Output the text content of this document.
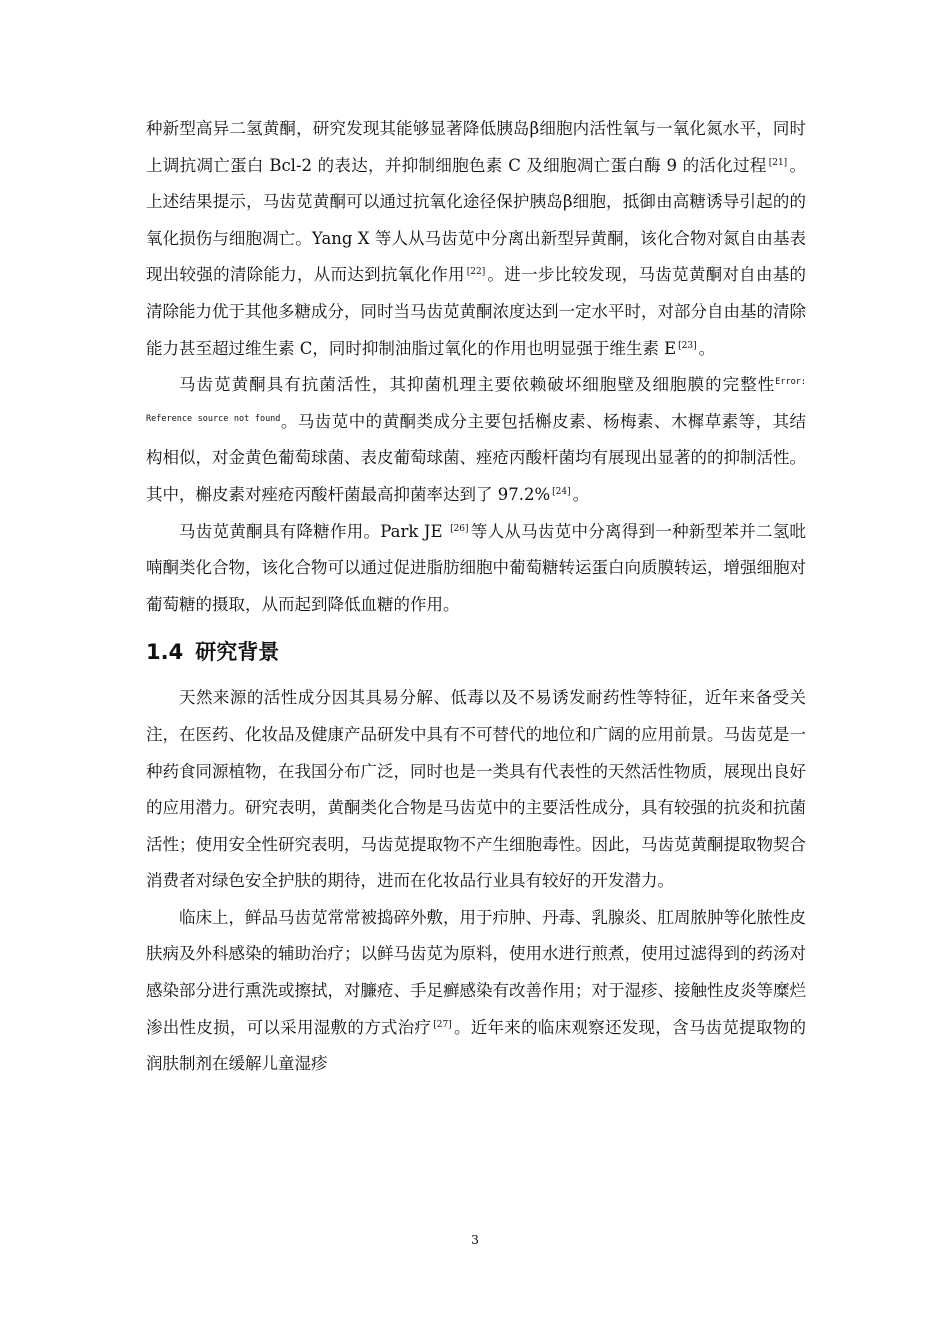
种新型高异二氢黄酮，研究发现其能够显著降低胰岛β细胞内活性氧与一氧化氮水平，同时上调抗凋亡蛋白 Bcl-2 的表达，并抑制细胞色素 C 及细胞凋亡蛋白酶 9 的活化过程 [21] 。上述结果提示，马齿苋黄酮可以通过抗氧化途径保护胰岛β细胞，抵御由高糖诱导引起的的氧化损伤与细胞凋亡。Yang X 等人从马齿苋中分离出新型异黄酮，该化合物对氮自由基表现出较强的清除能力，从而达到抗氧化作用 [22] 。进一步比较发现，马齿苋黄酮对自由基的清除能力优于其他多糖成分，同时当马齿苋黄酮浓度达到一定水平时，对部分自由基的清除能力甚至超过维生素 C，同时抑制油脂过氧化的作用也明显强于维生素 E [23] 。

马齿苋黄酮具有抗菌活性，其抑菌机理主要依赖破坏细胞壁及细胞膜的完整性$^{Error: Reference source not found}$。马齿苋中的黄酮类成分主要包括槲皮素、杨梅素、木樨草素等，其结构相似，对金黄色葡萄球菌、表皮葡萄球菌、痤疮丙酸杆菌均有展现出显著的的抑制活性。其中，槲皮素对痤疮丙酸杆菌最高抑菌率达到了 97.2% [24] 。

马齿苋黄酮具有降糖作用。Park JE [26] 等人从马齿苋中分离得到一种新型苯并二氢吡喃酮类化合物，该化合物可以通过促进脂肪细胞中葡萄糖转运蛋白向质膜转运，增强细胞对葡萄糖的摄取，从而起到降低血糖的作用。

1.4 研究背景

天然来源的活性成分因其具易分解、低毒以及不易诱发耐药性等特征，近年来备受关注，在医药、化妆品及健康产品研发中具有不可替代的地位和广阔的应用前景。马齿苋是一种药食同源植物，在我国分布广泛，同时也是一类具有代表性的天然活性物质，展现出良好的应用潜力。研究表明，黄酮类化合物是马齿苋中的主要活性成分，具有较强的抗炎和抗菌活性；使用安全性研究表明，马齿苋提取物不产生细胞毒性。因此，马齿苋黄酮提取物契合消费者对绿色安全护肤的期待，进而在化妆品行业具有较好的开发潜力。

临床上，鲜品马齿苋常常被捣碎外敷，用于疖肿、丹毒、乳腺炎、肛周脓肿等化脓性皮肤病及外科感染的辅助治疗；以鲜马齿苋为原料，使用水进行煎煮，使用过滤得到的药汤对感染部分进行熏洗或擦拭，对臁疮、手足癣感染有改善作用；对于湿疹、接触性皮炎等糜烂渗出性皮损，可以采用湿敷的方式治疗 [27] 。近年来的临床观察还发现，含马齿苋提取物的润肤制剂在缓解儿童湿疹

3
